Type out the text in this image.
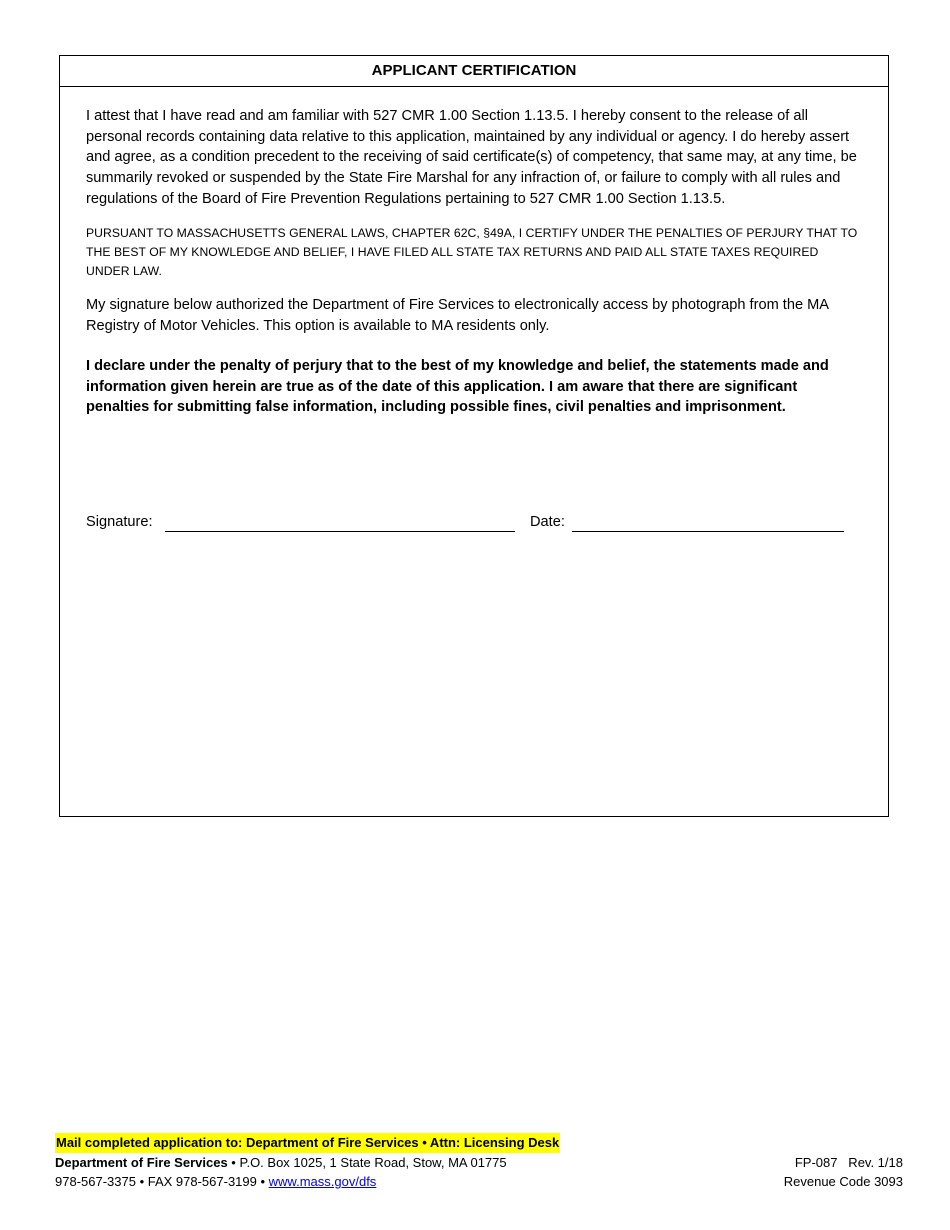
APPLICANT CERTIFICATION

I attest that I have read and am familiar with 527 CMR 1.00 Section 1.13.5. I hereby consent to the release of all personal records containing data relative to this application, maintained by any individual or agency. I do hereby assert and agree, as a condition precedent to the receiving of said certificate(s) of competency, that same may, at any time, be summarily revoked or suspended by the State Fire Marshal for any infraction of, or failure to comply with all rules and regulations of the Board of Fire Prevention Regulations pertaining to 527 CMR 1.00 Section 1.13.5.

PURSUANT TO MASSACHUSETTS GENERAL LAWS, CHAPTER 62C, §49A, I CERTIFY UNDER THE PENALTIES OF PERJURY THAT TO THE BEST OF MY KNOWLEDGE AND BELIEF, I HAVE FILED ALL STATE TAX RETURNS AND PAID ALL STATE TAXES REQUIRED UNDER LAW.

My signature below authorized the Department of Fire Services to electronically access by photograph from the MA Registry of Motor Vehicles. This option is available to MA residents only.

I declare under the penalty of perjury that to the best of my knowledge and belief, the statements made and information given herein are true as of the date of this application. I am aware that there are significant penalties for submitting false information, including possible fines, civil penalties and imprisonment.

Signature:	Date:
Mail completed application to: Department of Fire Services • Attn: Licensing Desk
Department of Fire Services • P.O. Box 1025, 1 State Road, Stow, MA 01775
978-567-3375 • FAX 978-567-3199 • www.mass.gov/dfs
FP-087   Rev. 1/18
Revenue Code 3093
